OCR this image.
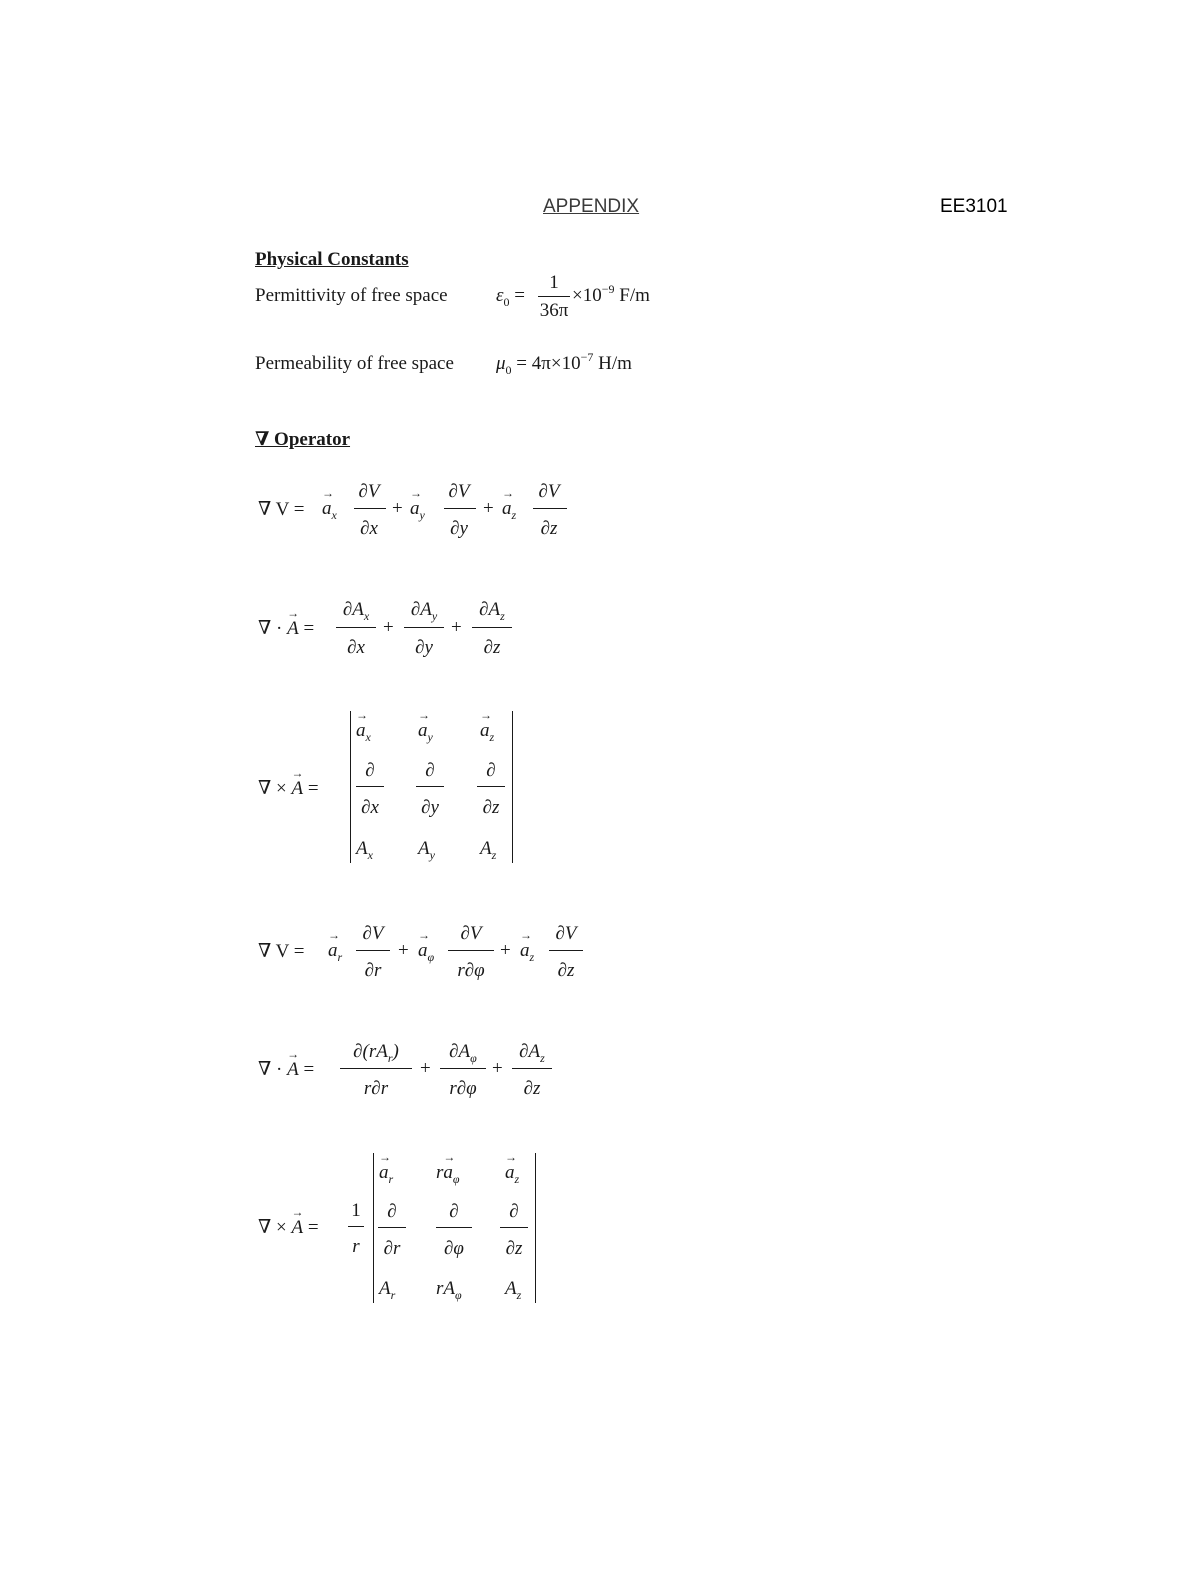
APPENDIX	EE3101
Physical Constants
Permittivity of free space	$\varepsilon_0$ =
1
36π
$\times 10^{-9}$ F/m
Permeability of free space $\mu_0 = 4\pi\times 10^{-7}$ H/m
∇ Operator
∇ V =
→ $a_x$
∂V
∂x
+
→ $a_y$
∂V
∂y
+
→ $a_z$
∂V
∂z
∇ · → A =
$\partial A_x$
∂x
+
$\partial A_y$
∂y
+
$\partial A_z$
∂z
∇ × → A =
→ $a_x$
→ $a_y$
→ $a_z$
∂
∂x
∂
∂y
∂
∂z
$A_x$ $A_y$ $A_z$
∇ V =
→ $a_r$
∂V
∂r
+
→ $a_\varphi$
∂V
r∂φ
+
→ $a_z$
∂V
∂z
∇ · → A =
$\partial(rA_r)$
r∂r
+
$\partial A_\varphi$
r∂φ
+
$\partial A_z$
∂z
∇ × → A =
1
r
→ $a_r$ $r\to a_\varphi$
→ $a_z$
∂
∂r
∂
∂φ
∂
∂z
$A_r$ $rA_\varphi$ $A_z$
